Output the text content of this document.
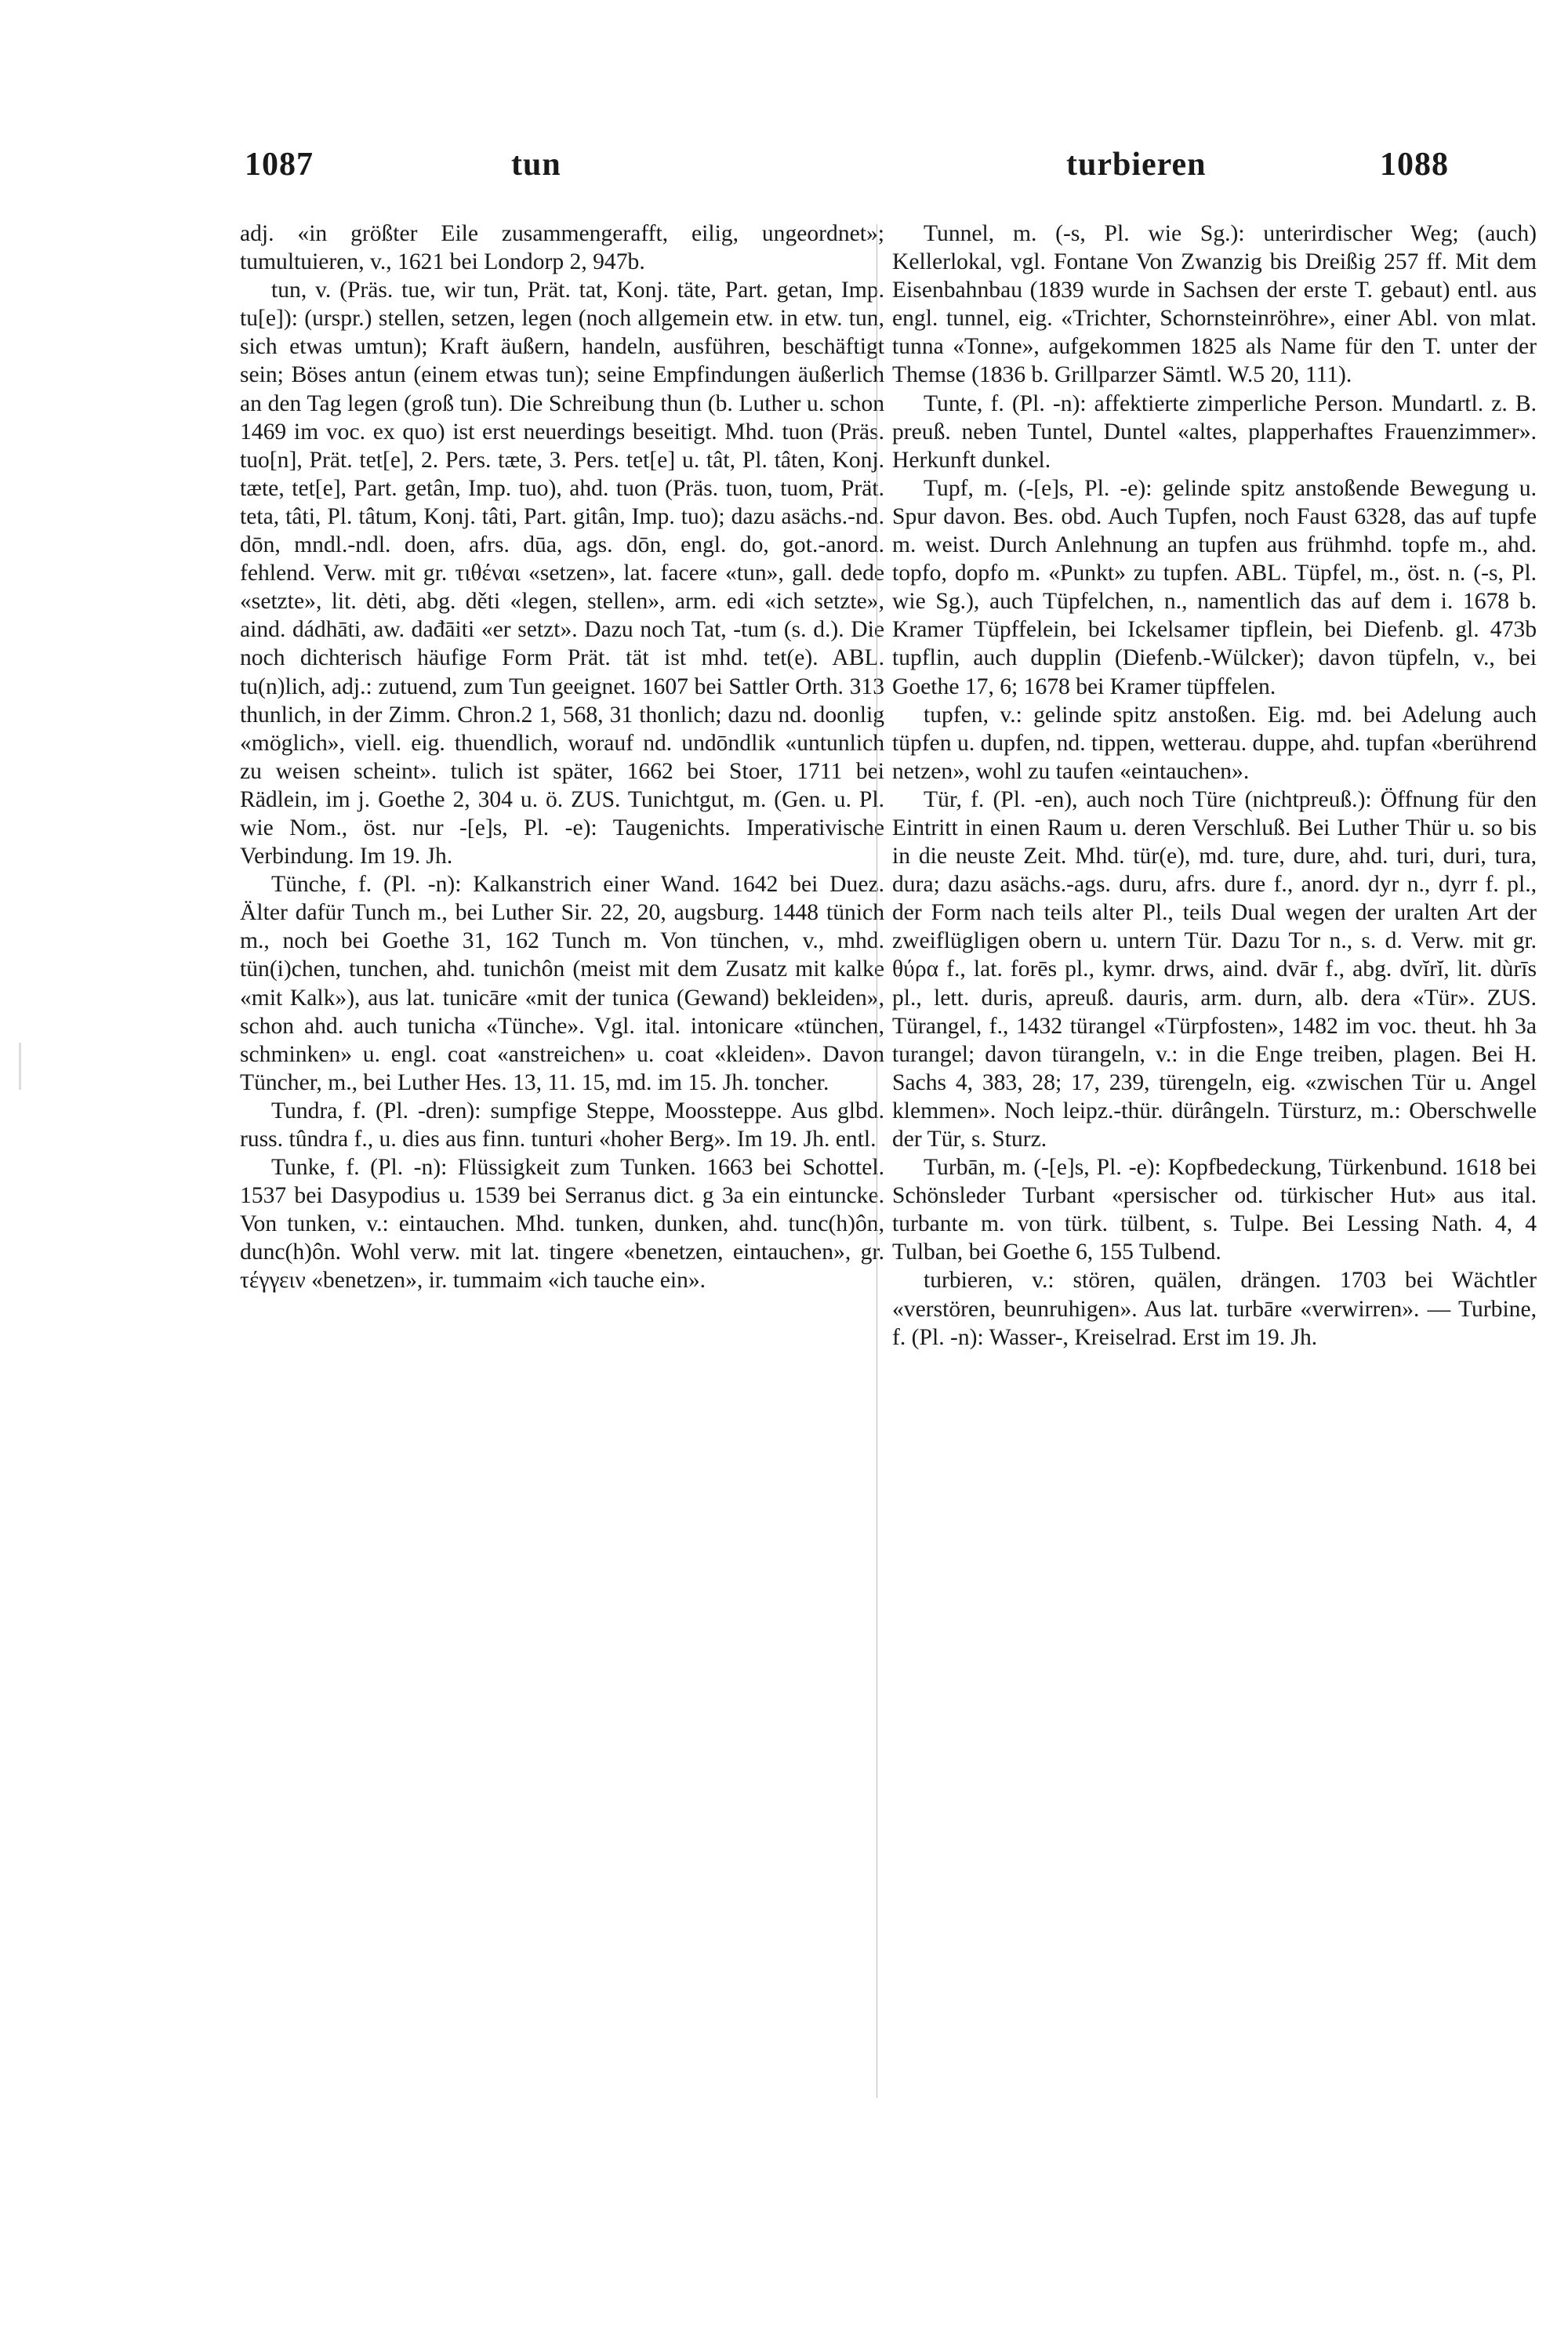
1087	tun	turbieren	1088

adj. «in größter Eile zusammengerafft, eilig, ungeordnet»; tumultuieren, v., 1621 bei Londorp 2, 947b.

tun, v. (Präs. tue, wir tun, Prät. tat, Konj. täte, Part. getan, Imp. tu[e]): (urspr.) stellen, setzen, legen (noch allgemein etw. in etw. tun, sich etwas umtun); Kraft äußern, handeln, ausführen, beschäftigt sein; Böses antun (einem etwas tun); seine Empfindungen äußerlich an den Tag legen (groß tun). Die Schreibung thun (b. Luther u. schon 1469 im voc. ex quo) ist erst neuerdings beseitigt. Mhd. tuon (Präs. tuo[n], Prät. tet[e], 2. Pers. tæte, 3. Pers. tet[e] u. tât, Pl. tâten, Konj. tæte, tet[e], Part. getân, Imp. tuo), ahd. tuon (Präs. tuon, tuom, Prät. teta, tâti, Pl. tâtum, Konj. tâti, Part. gitân, Imp. tuo); dazu asächs.-nd. dōn, mndl.-ndl. doen, afrs. dūa, ags. dōn, engl. do, got.-anord. fehlend. Verw. mit gr. τιθέναι «setzen», lat. facere «tun», gall. dede «setzte», lit. dėti, abg. děti «legen, stellen», arm. edi «ich setzte», aind. dádhāti, aw. dađāiti «er setzt». Dazu noch Tat, -tum (s. d.). Die noch dichterisch häufige Form Prät. tät ist mhd. tet(e). ABL. tu(n)lich, adj.: zutuend, zum Tun geeignet. 1607 bei Sattler Orth. 313 thunlich, in der Zimm. Chron.2 1, 568, 31 thonlich; dazu nd. doonlig «möglich», viell. eig. thuendlich, worauf nd. undōndlik «untunlich zu weisen scheint». tulich ist später, 1662 bei Stoer, 1711 bei Rädlein, im j. Goethe 2, 304 u. ö. ZUS. Tunichtgut, m. (Gen. u. Pl. wie Nom., öst. nur -[e]s, Pl. -e): Taugenichts. Imperativische Verbindung. Im 19. Jh.

Tünche, f. (Pl. -n): Kalkanstrich einer Wand. 1642 bei Duez. Älter dafür Tunch m., bei Luther Sir. 22, 20, augsburg. 1448 tünich m., noch bei Goethe 31, 162 Tunch m. Von tünchen, v., mhd. tün(i)chen, tunchen, ahd. tunichôn (meist mit dem Zusatz mit kalke «mit Kalk»), aus lat. tunicāre «mit der tunica (Gewand) bekleiden», schon ahd. auch tunicha «Tünche». Vgl. ital. intonicare «tünchen, schminken» u. engl. coat «anstreichen» u. coat «kleiden». Davon Tüncher, m., bei Luther Hes. 13, 11. 15, md. im 15. Jh. toncher.

Tundra, f. (Pl. -dren): sumpfige Steppe, Moossteppe. Aus glbd. russ. tûndra f., u. dies aus finn. tunturi «hoher Berg». Im 19. Jh. entl.

Tunke, f. (Pl. -n): Flüssigkeit zum Tunken. 1663 bei Schottel. 1537 bei Dasypodius u. 1539 bei Serranus dict. g 3a ein eintuncke. Von tunken, v.: eintauchen. Mhd. tunken, dunken, ahd. tunc(h)ôn, dunc(h)ôn. Wohl verw. mit lat. tingere «benetzen, eintauchen», gr. τέγγειν «benetzen», ir. tummaim «ich tauche ein».

Tunnel, m. (-s, Pl. wie Sg.): unterirdischer Weg; (auch) Kellerlokal, vgl. Fontane Von Zwanzig bis Dreißig 257 ff. Mit dem Eisenbahnbau (1839 wurde in Sachsen der erste T. gebaut) entl. aus engl. tunnel, eig. «Trichter, Schornsteinröhre», einer Abl. von mlat. tunna «Tonne», aufgekommen 1825 als Name für den T. unter der Themse (1836 b. Grillparzer Sämtl. W.5 20, 111).

Tunte, f. (Pl. -n): affektierte zimperliche Person. Mundartl. z. B. preuß. neben Tuntel, Duntel «altes, plapperhaftes Frauenzimmer». Herkunft dunkel.

Tupf, m. (-[e]s, Pl. -e): gelinde spitz anstoßende Bewegung u. Spur davon. Bes. obd. Auch Tupfen, noch Faust 6328, das auf tupfe m. weist. Durch Anlehnung an tupfen aus frühmhd. topfe m., ahd. topfo, dopfo m. «Punkt» zu tupfen. ABL. Tüpfel, m., öst. n. (-s, Pl. wie Sg.), auch Tüpfelchen, n., namentlich das auf dem i. 1678 b. Kramer Tüpffelein, bei Ickelsamer tipflein, bei Diefenb. gl. 473b tupflin, auch dupplin (Diefenb.-Wülcker); davon tüpfeln, v., bei Goethe 17, 6; 1678 bei Kramer tüpffelen.

tupfen, v.: gelinde spitz anstoßen. Eig. md. bei Adelung auch tüpfen u. dupfen, nd. tippen, wetterau. duppe, ahd. tupfan «berührend netzen», wohl zu taufen «eintauchen».

Tür, f. (Pl. -en), auch noch Türe (nichtpreuß.): Öffnung für den Eintritt in einen Raum u. deren Verschluß. Bei Luther Thür u. so bis in die neuste Zeit. Mhd. tür(e), md. ture, dure, ahd. turi, duri, tura, dura; dazu asächs.-ags. duru, afrs. dure f., anord. dyr n., dyrr f. pl., der Form nach teils alter Pl., teils Dual wegen der uralten Art der zweiflügligen obern u. untern Tür. Dazu Tor n., s. d. Verw. mit gr. θύρα f., lat. forēs pl., kymr. drws, aind. dvār f., abg. dvĭrĭ, lit. dùrīs pl., lett. duris, apreuß. dauris, arm. durn, alb. dera «Tür». ZUS. Türangel, f., 1432 türangel «Türpfosten», 1482 im voc. theut. hh 3a turangel; davon türangeln, v.: in die Enge treiben, plagen. Bei H. Sachs 4, 383, 28; 17, 239, türengeln, eig. «zwischen Tür u. Angel klemmen». Noch leipz.-thür. dürângeln. Türsturz, m.: Oberschwelle der Tür, s. Sturz.

Turbān, m. (-[e]s, Pl. -e): Kopfbedeckung, Türkenbund. 1618 bei Schönsleder Turbant «persischer od. türkischer Hut» aus ital. turbante m. von türk. tülbent, s. Tulpe. Bei Lessing Nath. 4, 4 Tulban, bei Goethe 6, 155 Tulbend.

turbieren, v.: stören, quälen, drängen. 1703 bei Wächtler «verstören, beunruhigen». Aus lat. turbāre «verwirren». — Turbine, f. (Pl. -n): Wasser-, Kreiselrad. Erst im 19. Jh.
